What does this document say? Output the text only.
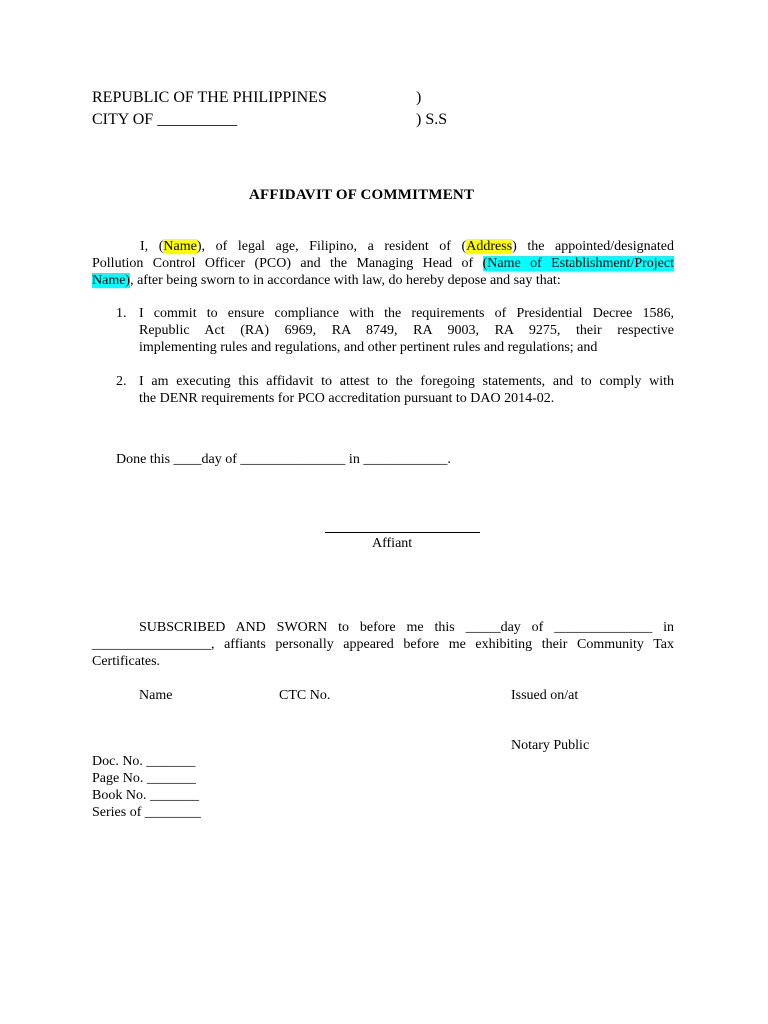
REPUBLIC OF THE PHILIPPINES	)
CITY OF __________	) S.S
AFFIDAVIT OF COMMITMENT
I, (Name), of legal age, Filipino, a resident of (Address) the appointed/designated
Pollution Control Officer (PCO) and the Managing Head of (Name of Establishment/Project
Name), after being sworn to in accordance with law, do hereby depose and say that:
1. I commit to ensure compliance with the requirements of Presidential Decree 1586,
Republic Act (RA) 6969, RA 8749, RA 9003, RA 9275, their respective
implementing rules and regulations, and other pertinent rules and regulations; and
2. I am executing this affidavit to attest to the foregoing statements, and to comply with
the DENR requirements for PCO accreditation pursuant to DAO 2014-02.
Done this ____day of _______________ in ____________.
Affiant
SUBSCRIBED AND SWORN to before me this _____day of ______________ in
_________________, affiants personally appeared before me exhibiting their Community Tax
Certificates.
Name	CTC No.	Issued on/at
Notary Public
Doc. No. _______
Page No. _______
Book No. _______
Series of ________
